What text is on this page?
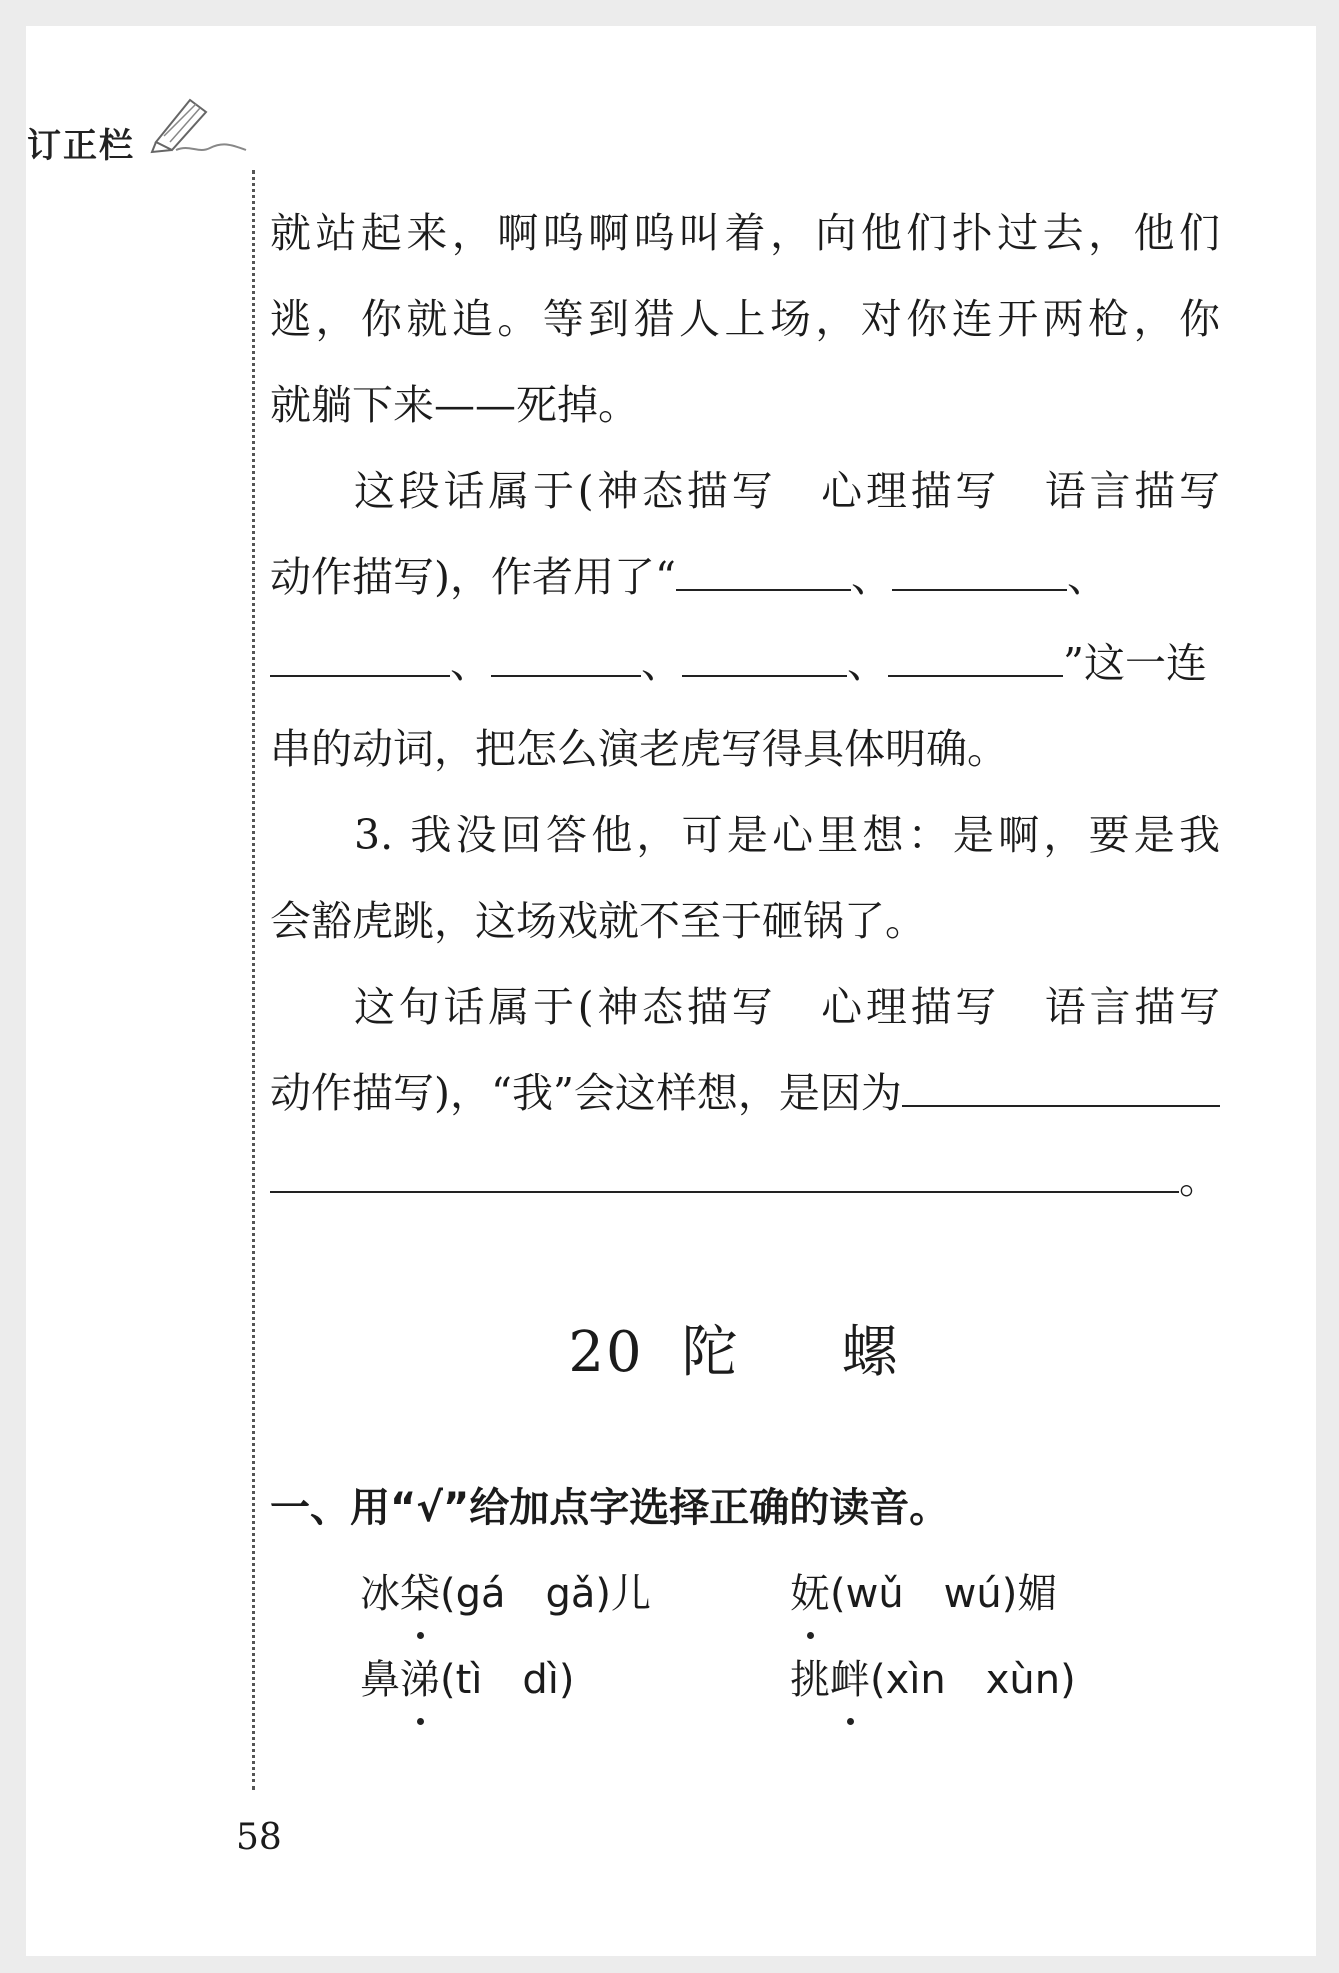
订正栏

就站起来，啊呜啊呜叫着，向他们扑过去，他们

逃，你就追。等到猎人上场，对你连开两枪，你

就躺下来——死掉。

这段话属于(神态描写　心理描写　语言描写

动作描写)，作者用了“	、	、
、	、	、	”这一连

串的动词，把怎么演老虎写得具体明确。

3. 我没回答他，可是心里想：是啊，要是我

会豁虎跳，这场戏就不至于砸锅了。

这句话属于(神态描写　心理描写　语言描写

动作描写)，“我”会这样想，是因为
。
20 陀　螺

一、用“√”给加点字选择正确的读音。

冰柋(gá　gǎ)儿	妩(wǔ　wú)媚
鼻涕(tì　dì)	挑衅(xìn　xùn)
58
